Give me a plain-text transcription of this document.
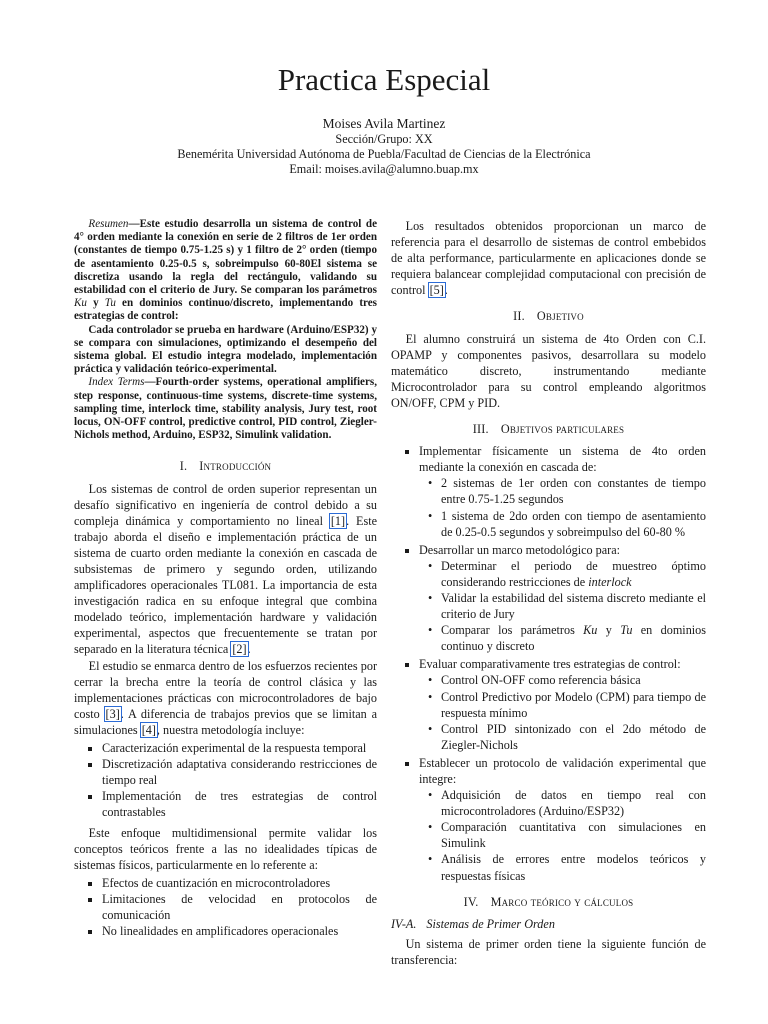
Practica Especial
Moises Avila Martinez
Sección/Grupo: XX
Benemérita Universidad Autónoma de Puebla/Facultad de Ciencias de la Electrónica
Email: moises.avila@alumno.buap.mx

Resumen—Este estudio desarrolla un sistema de control de 4° orden mediante la conexión en serie de 2 filtros de 1er orden (constantes de tiempo 0.75-1.25 s) y 1 filtro de 2° orden (tiempo de asentamiento 0.25-0.5 s, sobreimpulso 60-80El sistema se discretiza usando la regla del rectángulo, validando su estabilidad con el criterio de Jury. Se comparan los parámetros Ku y Tu en dominios continuo/discreto, implementando tres estrategias de control:

Cada controlador se prueba en hardware (Arduino/ESP32) y se compara con simulaciones, optimizando el desempeño del sistema global. El estudio integra modelado, implementación práctica y validación teórico-experimental.

Index Terms—Fourth-order systems, operational amplifiers, step response, continuous-time systems, discrete-time systems, sampling time, interlock time, stability analysis, Jury test, root locus, ON-OFF control, predictive control, PID control, Ziegler-Nichols method, Arduino, ESP32, Simulink validation.

I. Introducción

Los sistemas de control de orden superior representan un desafío significativo en ingeniería de control debido a su compleja dinámica y comportamiento no lineal [1]. Este trabajo aborda el diseño e implementación práctica de un sistema de cuarto orden mediante la conexión en cascada de subsistemas de primero y segundo orden, utilizando amplificadores operacionales TL081. La importancia de esta investigación radica en su enfoque integral que combina modelado teórico, implementación hardware y validación experimental, aspectos que frecuentemente se tratan por separado en la literatura técnica [2].

El estudio se enmarca dentro de los esfuerzos recientes por cerrar la brecha entre la teoría de control clásica y las implementaciones prácticas con microcontroladores de bajo costo [3]. A diferencia de trabajos previos que se limitan a simulaciones [4], nuestra metodología incluye:

Caracterización experimental de la respuesta temporal
Discretización adaptativa considerando restricciones de tiempo real
Implementación de tres estrategias de control contrastables

Este enfoque multidimensional permite validar los conceptos teóricos frente a las no idealidades típicas de sistemas físicos, particularmente en lo referente a:

Efectos de cuantización en microcontroladores
Limitaciones de velocidad en protocolos de comunicación
No linealidades en amplificadores operacionales

Los resultados obtenidos proporcionan un marco de referencia para el desarrollo de sistemas de control embebidos de alta performance, particularmente en aplicaciones donde se requiera balancear complejidad computacional con precisión de control [5].

II. Objetivo

El alumno construirá un sistema de 4to Orden con C.I. OPAMP y componentes pasivos, desarrollara su modelo matemático discreto, instrumentando mediante Microcontrolador para su control empleando algoritmos ON/OFF, CPM y PID.

III. Objetivos particulares
Implementar físicamente un sistema de 4to orden mediante la conexión en cascada de:
• 2 sistemas de 1er orden con constantes de tiempo entre 0.75-1.25 segundos
• 1 sistema de 2do orden con tiempo de asentamiento de 0.25-0.5 segundos y sobreimpulso del 60-80 %
Desarrollar un marco metodológico para:
• Determinar el periodo de muestreo óptimo considerando restricciones de interlock
• Validar la estabilidad del sistema discreto mediante el criterio de Jury
• Comparar los parámetros Ku y Tu en dominios continuo y discreto
Evaluar comparativamente tres estrategias de control:
• Control ON-OFF como referencia básica
• Control Predictivo por Modelo (CPM) para tiempo de respuesta mínimo
• Control PID sintonizado con el 2do método de Ziegler-Nichols
Establecer un protocolo de validación experimental que integre:
• Adquisición de datos en tiempo real con microcontroladores (Arduino/ESP32)
• Comparación cuantitativa con simulaciones en Simulink
• Análisis de errores entre modelos teóricos y respuestas físicas
IV. Marco teórico y cálculos
IV-A. Sistemas de Primer Orden

Un sistema de primer orden tiene la siguiente función de transferencia:
